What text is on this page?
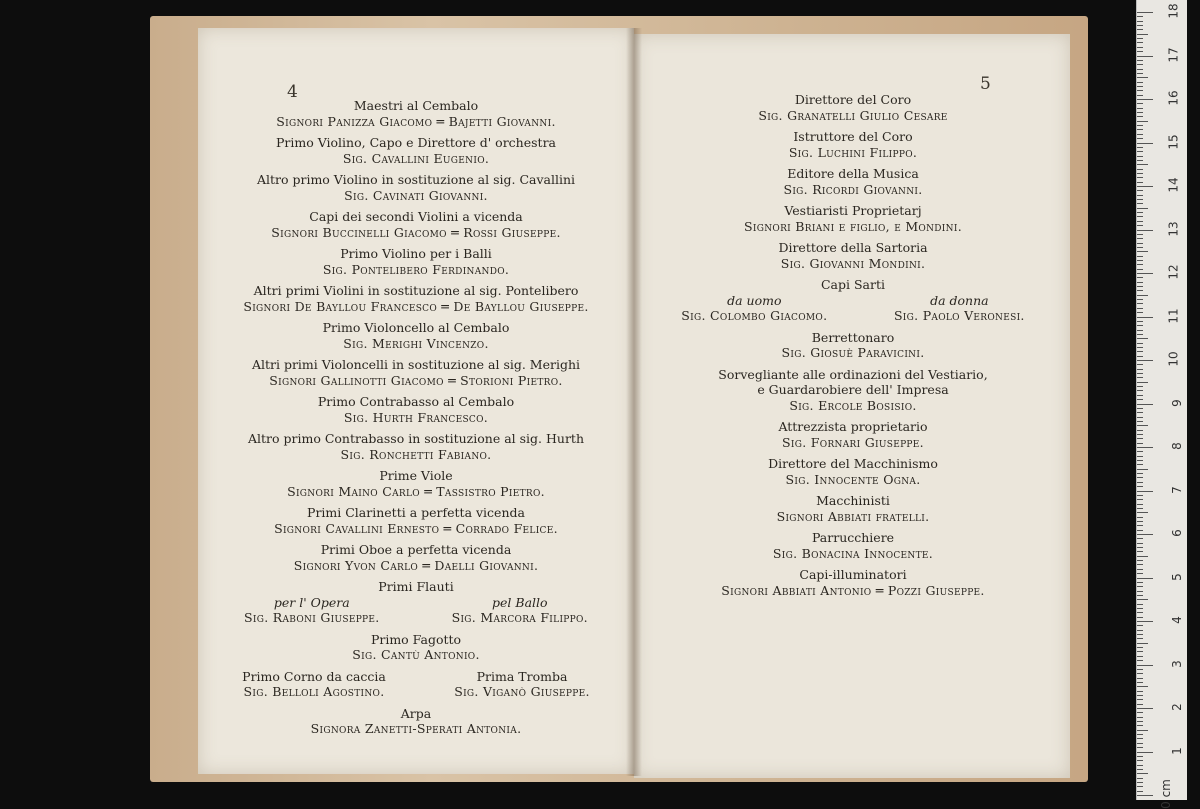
4	5
Maestri al Cembalo
Signori Panizza Giacomo ═ Bajetti Giovanni.
Primo Violino, Capo e Direttore d' orchestra
Sig. Cavallini Eugenio.
Altro primo Violino in sostituzione al sig. Cavallini
Sig. Cavinati Giovanni.
Capi dei secondi Violini a vicenda
Signori Buccinelli Giacomo ═ Rossi Giuseppe.
Primo Violino per i Balli
Sig. Pontelibero Ferdinando.
Altri primi Violini in sostituzione al sig. Pontelibero
Signori De Bayllou Francesco ═ De Bayllou Giuseppe.
Primo Violoncello al Cembalo
Sig. Merighi Vincenzo.
Altri primi Violoncelli in sostituzione al sig. Merighi
Signori Gallinotti Giacomo ═ Storioni Pietro.
Primo Contrabasso al Cembalo
Sig. Hurth Francesco.
Altro primo Contrabasso in sostituzione al sig. Hurth
Sig. Ronchetti Fabiano.
Prime Viole
Signori Maino Carlo ═ Tassistro Pietro.
Primi Clarinetti a perfetta vicenda
Signori Cavallini Ernesto ═ Corrado Felice.
Primi Oboe a perfetta vicenda
Signori Yvon Carlo ═ Daelli Giovanni.
Primi Flauti
per l' Opera
Sig. Raboni Giuseppe.
pel Ballo
Sig. Marcora Filippo.
Primo Fagotto
Sig. Cantù Antonio.
Primo Corno da caccia
Sig. Belloli Agostino.
Prima Tromba
Sig. Viganò Giuseppe.
Arpa
Signora Zanetti-Sperati Antonia.
Direttore del Coro
Sig. Granatelli Giulio Cesare
Istruttore del Coro
Sig. Luchini Filippo.
Editore della Musica
Sig. Ricordi Giovanni.
Vestiaristi Proprietarj
Signori Briani e figlio, e Mondini.
Direttore della Sartoria
Sig. Giovanni Mondini.
Capi Sarti
da uomo
Sig. Colombo Giacomo.
da donna
Sig. Paolo Veronesi.
Berrettonaro
Sig. Giosuè Paravicini.
Sorvegliante alle ordinazioni del Vestiario,
e Guardarobiere dell' Impresa
Sig. Ercole Bosisio.
Attrezzista proprietario
Sig. Fornari Giuseppe.
Direttore del Macchinismo
Sig. Innocente Ogna.
Macchinisti
Signori Abbiati fratelli.
Parrucchiere
Sig. Bonacina Innocente.
Capi-illuminatori
Signori Abbiati Antonio ═ Pozzi Giuseppe.
18
17
16
15
14
13
12
11
10
9
8
7
6
5
4
3
2
1
0 cm
